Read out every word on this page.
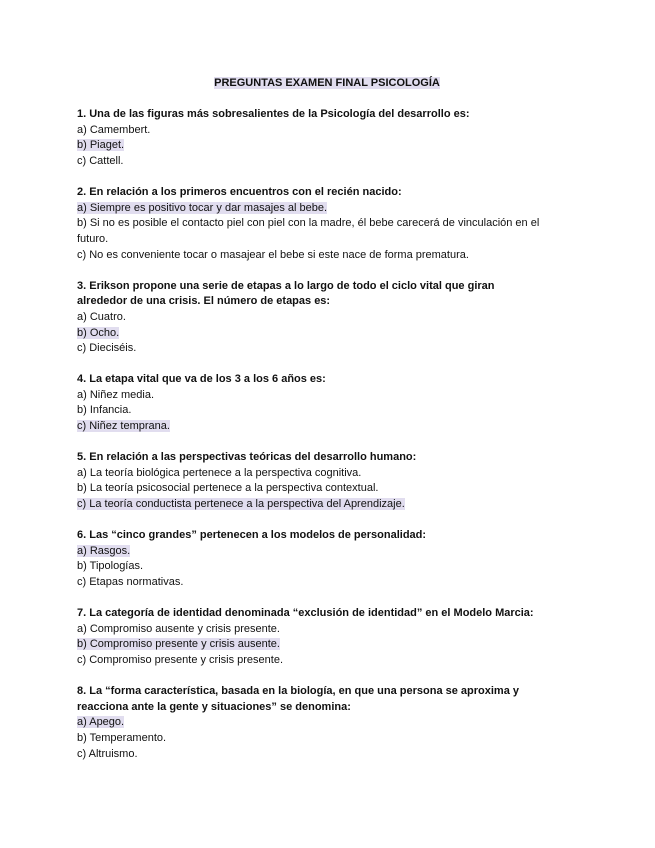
PREGUNTAS EXAMEN FINAL PSICOLOGÍA
1. Una de las figuras más sobresalientes de la Psicología del desarrollo es:
a) Camembert.
b) Piaget.
c) Cattell.
2. En relación a los primeros encuentros con el recién nacido:
a) Siempre es positivo tocar y dar masajes al bebe.
b) Si no es posible el contacto piel con piel con la madre, él bebe carecerá de vinculación en el
futuro.
c) No es conveniente tocar o masajear el bebe si este nace de forma prematura.
3. Erikson propone una serie de etapas a lo largo de todo el ciclo vital que giran
alrededor de una crisis. El número de etapas es:
a) Cuatro.
b) Ocho.
c) Dieciséis.
4. La etapa vital que va de los 3 a los 6 años es:
a) Niñez media.
b) Infancia.
c) Niñez temprana.
5. En relación a las perspectivas teóricas del desarrollo humano:
a) La teoría biológica pertenece a la perspectiva cognitiva.
b) La teoría psicosocial pertenece a la perspectiva contextual.
c) La teoría conductista pertenece a la perspectiva del Aprendizaje.
6. Las “cinco grandes” pertenecen a los modelos de personalidad:
a) Rasgos.
b) Tipologías.
c) Etapas normativas.
7. La categoría de identidad denominada “exclusión de identidad” en el Modelo Marcia:
a) Compromiso ausente y crisis presente.
b) Compromiso presente y crisis ausente.
c) Compromiso presente y crisis presente.
8. La “forma característica, basada en la biología, en que una persona se aproxima y
reacciona ante la gente y situaciones” se denomina:
a) Apego.
b) Temperamento.
c) Altruismo.
